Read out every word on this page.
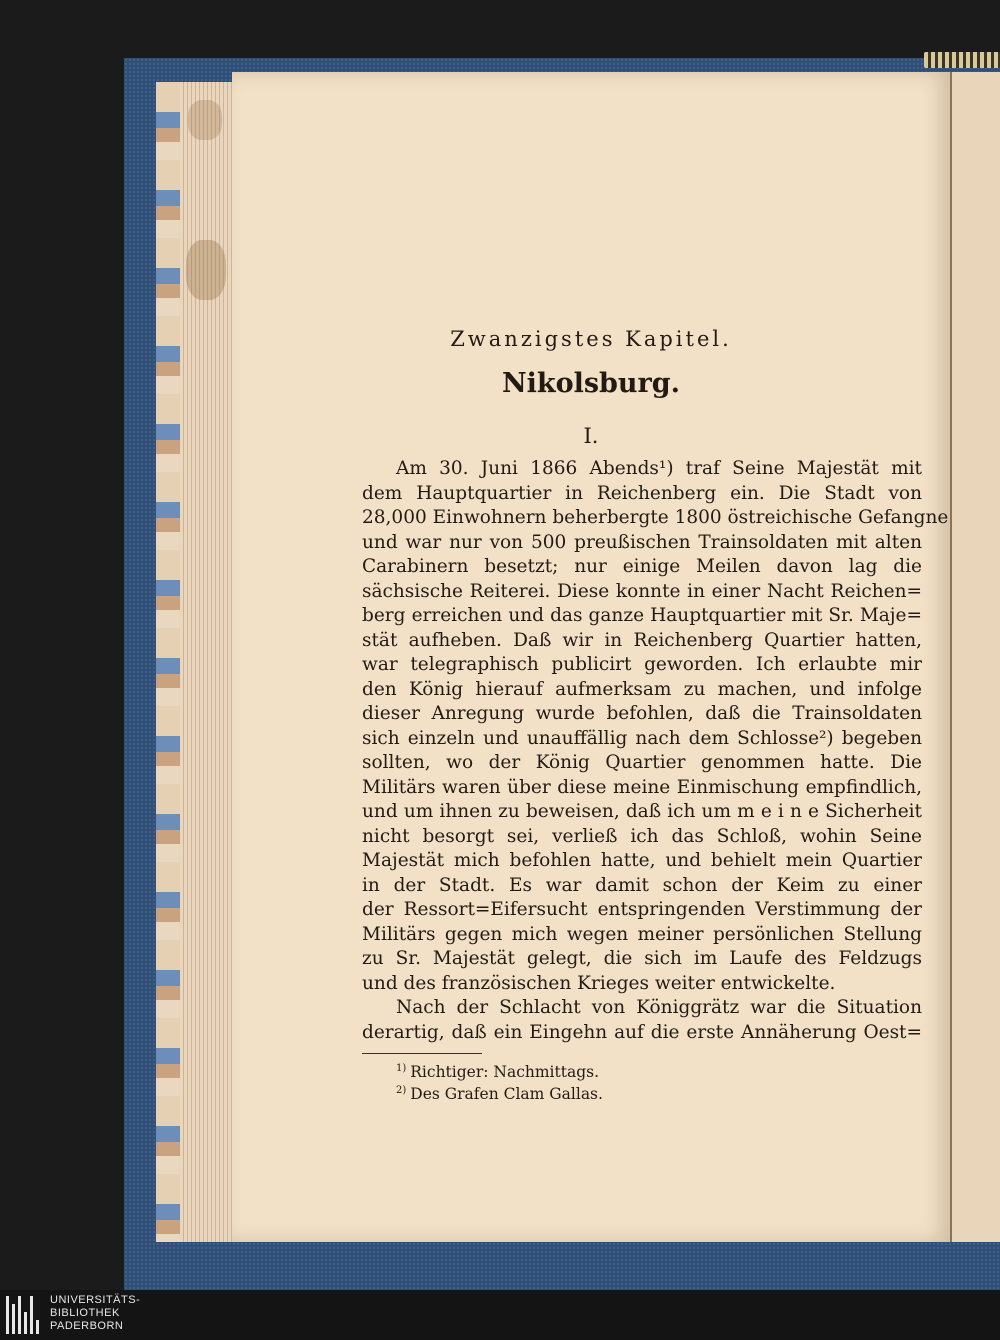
Zwanzigstes Kapitel.
Nikolsburg.
I.
Am 30. Juni 1866 Abends¹) traf Seine Majestät mit
dem Hauptquartier in Reichenberg ein. Die Stadt von
28,000 Einwohnern beherbergte 1800 östreichische Gefangne
und war nur von 500 preußischen Trainsoldaten mit alten
Carabinern besetzt; nur einige Meilen davon lag die
sächsische Reiterei. Diese konnte in einer Nacht Reichen=
berg erreichen und das ganze Hauptquartier mit Sr. Maje=
stät aufheben. Daß wir in Reichenberg Quartier hatten,
war telegraphisch publicirt geworden. Ich erlaubte mir
den König hierauf aufmerksam zu machen, und infolge
dieser Anregung wurde befohlen, daß die Trainsoldaten
sich einzeln und unauffällig nach dem Schlosse²) begeben
sollten, wo der König Quartier genommen hatte. Die
Militärs waren über diese meine Einmischung empfindlich,
und um ihnen zu beweisen, daß ich um m e i n e Sicherheit
nicht besorgt sei, verließ ich das Schloß, wohin Seine
Majestät mich befohlen hatte, und behielt mein Quartier
in der Stadt. Es war damit schon der Keim zu einer
der Ressort=Eifersucht entspringenden Verstimmung der
Militärs gegen mich wegen meiner persönlichen Stellung
zu Sr. Majestät gelegt, die sich im Laufe des Feldzugs
und des französischen Krieges weiter entwickelte.
Nach der Schlacht von Königgrätz war die Situation
derartig, daß ein Eingehn auf die erste Annäherung Oest=
$^{1)}$ Richtiger: Nachmittags.
$^{2)}$ Des Grafen Clam Gallas.
UNIVERSITÄTS-
BIBLIOTHEK
PADERBORN
